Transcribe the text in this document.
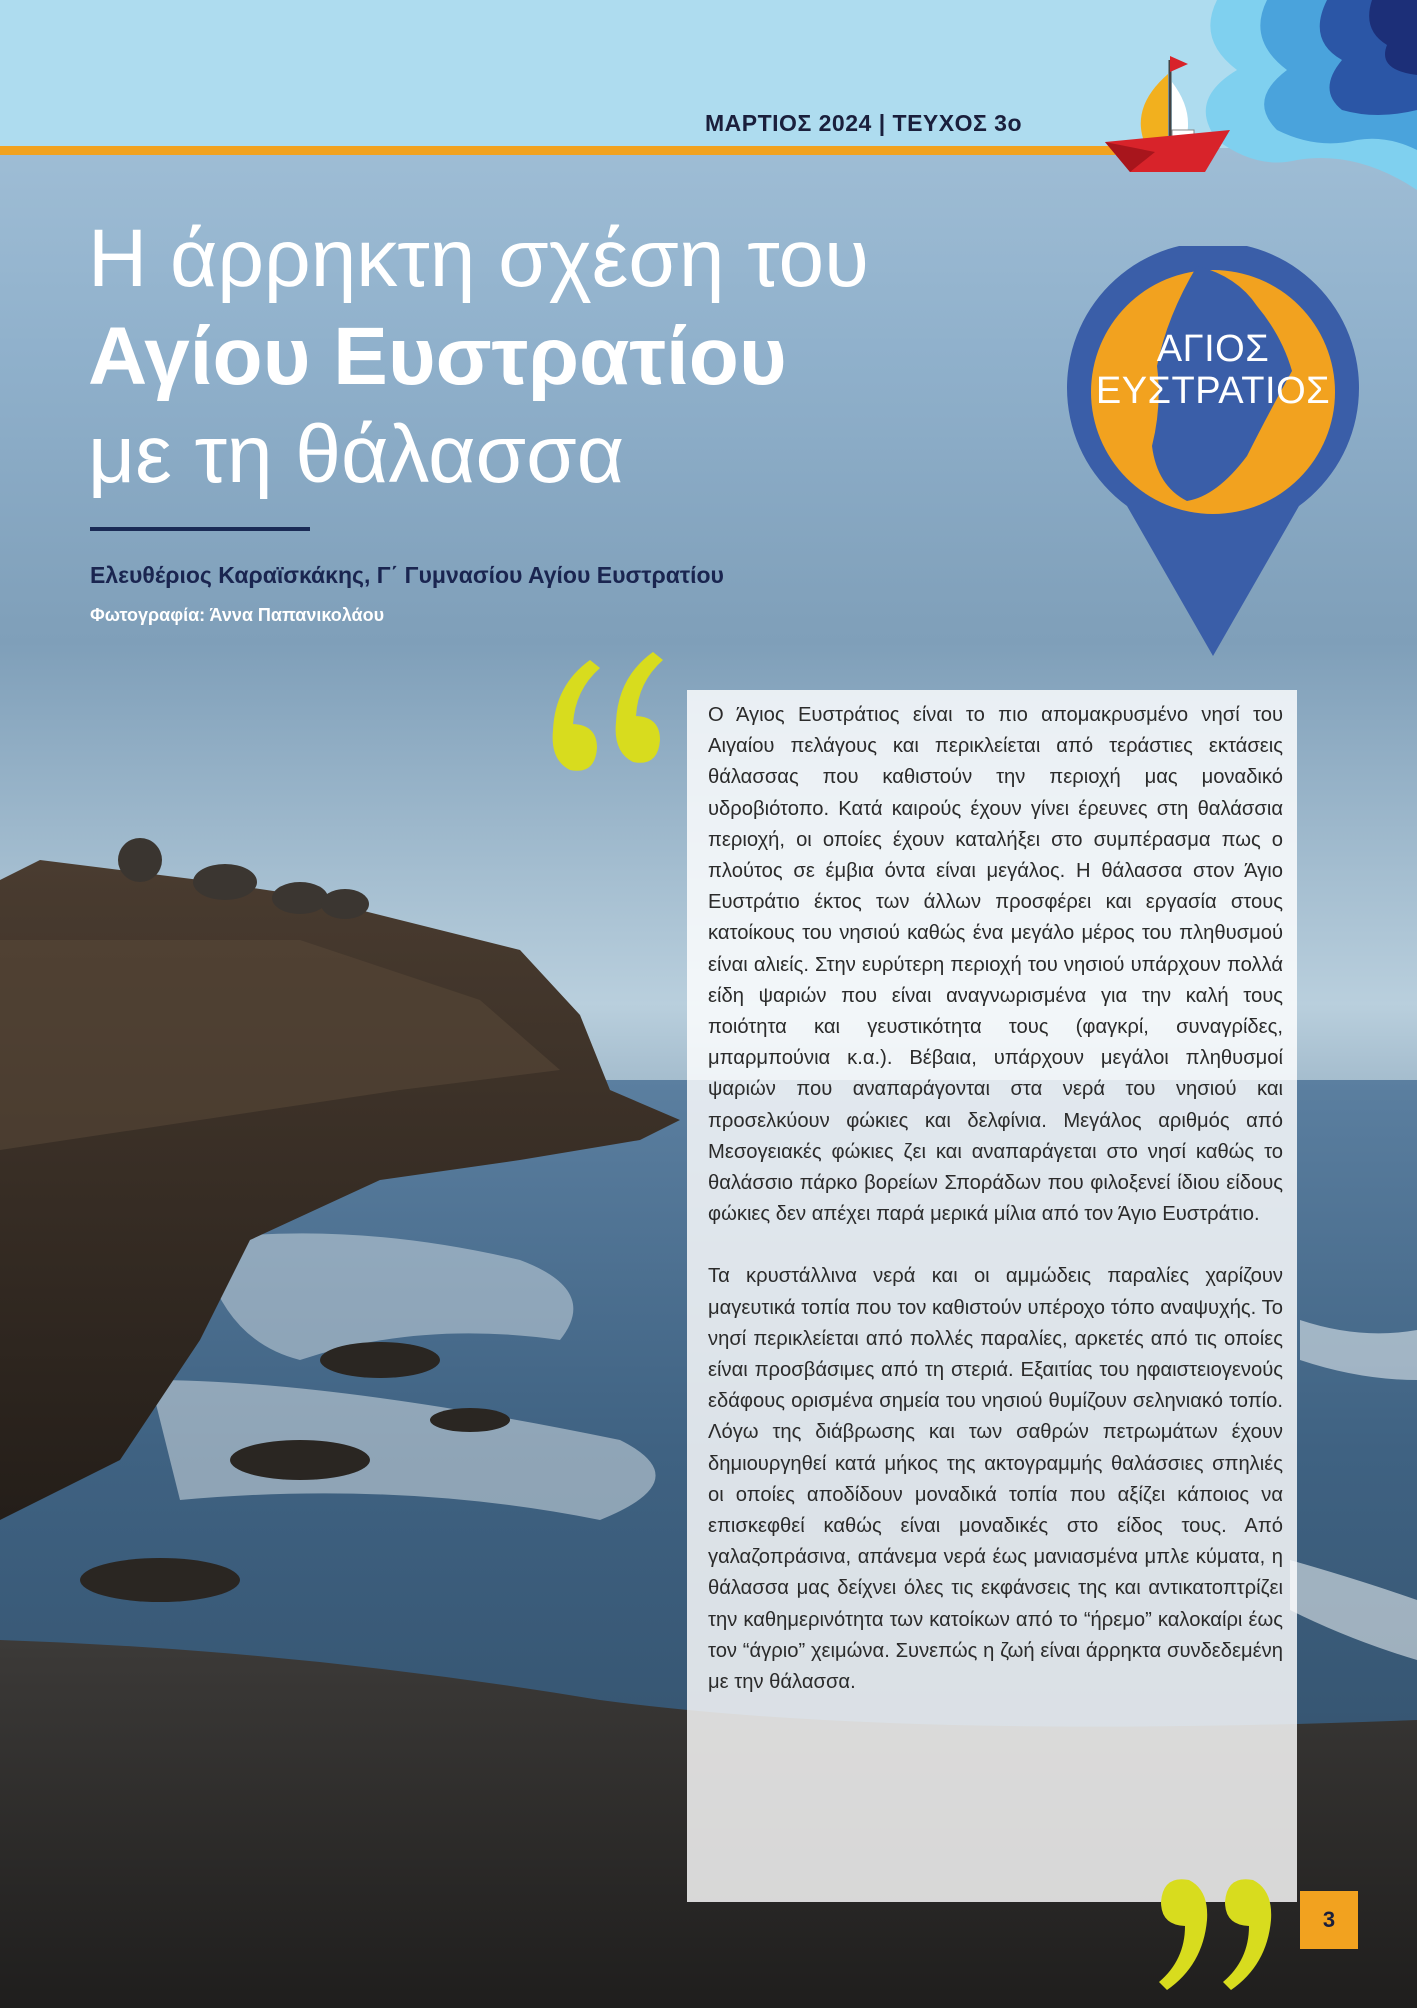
ΜΑΡΤΙΟΣ 2024 | ΤΕΥΧΟΣ 3ο
Η άρρηκτη σχέση του
Αγίου Ευστρατίου
με τη θάλασσα
Ελευθέριος Καραϊσκάκης, Γ΄ Γυμνασίου Αγίου Ευστρατίου
Φωτογραφία: Άννα Παπανικολάου
ΑΓΙΟΣ
ΕΥΣΤΡΑΤΙΟΣ

Ο Άγιος Ευστράτιος είναι το πιο απομακρυσμένο νησί του Αιγαίου πελάγους και περικλείεται από τεράστιες εκτάσεις θάλασσας που καθιστούν την περιοχή μας μοναδικό υδροβιότοπο. Κατά καιρούς έχουν γίνει έρευνες στη θαλάσσια περιοχή, οι οποίες έχουν καταλήξει στο συμπέρασμα πως ο πλούτος σε έμβια όντα είναι μεγάλος. Η θάλασσα στον Άγιο Ευστράτιο έκτος των άλλων προσφέρει και εργασία στους κατοίκους του νησιού καθώς ένα μεγάλο μέρος του πληθυσμού είναι αλιείς. Στην ευρύτερη περιοχή του νησιού υπάρχουν πολλά είδη ψαριών που είναι αναγνωρισμένα για την καλή τους ποιότητα και γευστικότητα τους (φαγκρί, συναγρίδες, μπαρμπούνια κ.α.). Βέβαια, υπάρχουν μεγάλοι πληθυσμοί ψαριών που αναπαράγονται στα νερά του νησιού και προσελκύουν φώκιες και δελφίνια. Μεγάλος αριθμός από Μεσογειακές φώκιες ζει και αναπαράγεται στο νησί καθώς το θαλάσσιο πάρκο βορείων Σποράδων που φιλοξενεί ίδιου είδους φώκιες δεν απέχει παρά μερικά μίλια από τον Άγιο Ευστράτιο.

Τα κρυστάλλινα νερά και οι αμμώδεις παραλίες χαρίζουν μαγευτικά τοπία που τον καθιστούν υπέροχο τόπο αναψυχής. Το νησί περικλείεται από πολλές παραλίες, αρκετές από τις οποίες είναι προσβάσιμες από τη στεριά. Εξαιτίας του ηφαιστειογενούς εδάφους ορισμένα σημεία του νησιού θυμίζουν σεληνιακό τοπίο. Λόγω της διάβρωσης και των σαθρών πετρωμάτων έχουν δημιουργηθεί κατά μήκος της ακτογραμμής θαλάσσιες σπηλιές οι οποίες αποδίδουν μοναδικά τοπία που αξίζει κάποιος να επισκεφθεί καθώς είναι μοναδικές στο είδος τους. Από γαλαζοπράσινα, απάνεμα νερά έως μανιασμένα μπλε κύματα, η θάλασσα μας δείχνει όλες τις εκφάνσεις της και αντικατοπτρίζει την καθημερινότητα των κατοίκων από το “ήρεμο” καλοκαίρι έως τον “άγριο” χειμώνα. Συνεπώς η ζωή είναι άρρηκτα συνδεδεμένη με την θάλασσα.

3
